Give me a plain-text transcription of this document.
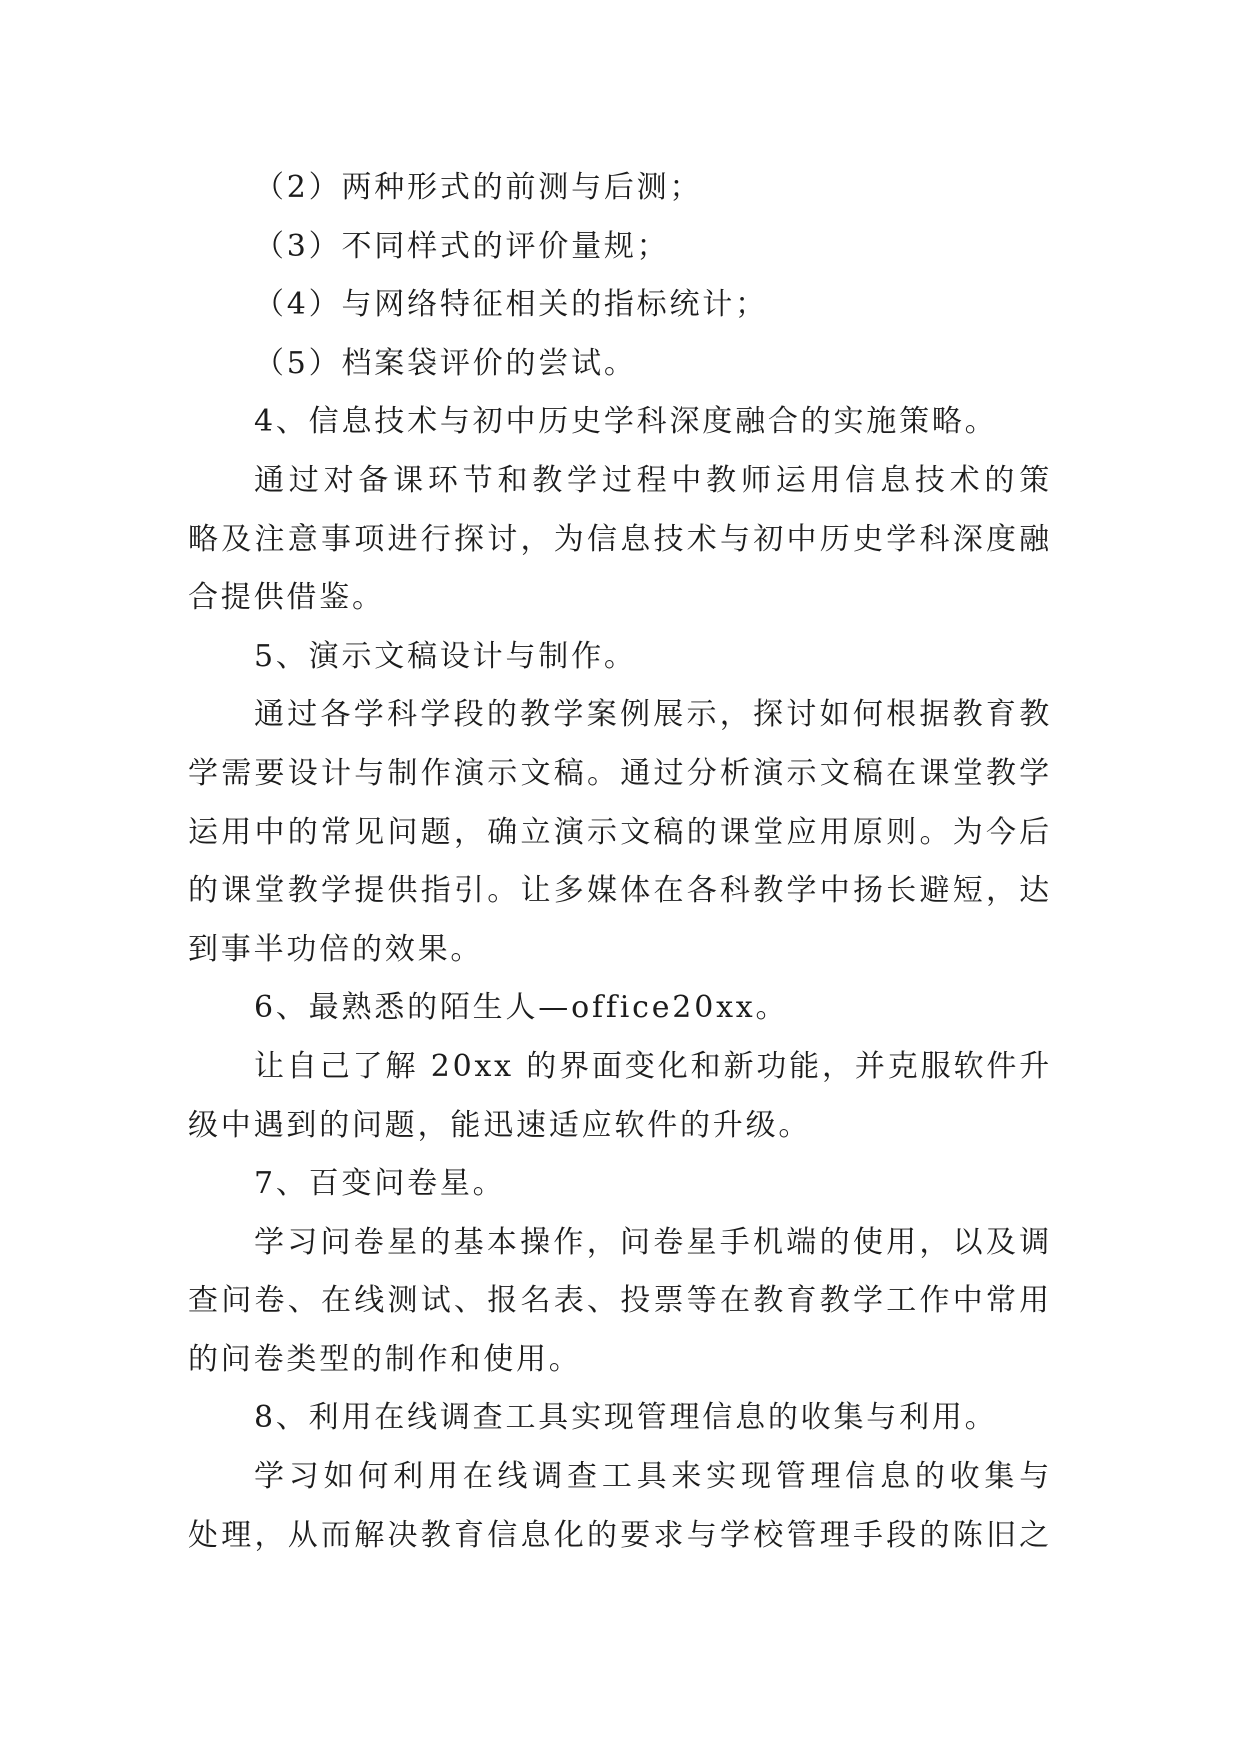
（2）两种形式的前测与后测；
（3）不同样式的评价量规；
（4）与网络特征相关的指标统计；
（5）档案袋评价的尝试。
4、信息技术与初中历史学科深度融合的实施策略。
通过对备课环节和教学过程中教师运用信息技术的策
略及注意事项进行探讨，为信息技术与初中历史学科深度融
合提供借鉴。
5、演示文稿设计与制作。
通过各学科学段的教学案例展示，探讨如何根据教育教
学需要设计与制作演示文稿。通过分析演示文稿在课堂教学
运用中的常见问题，确立演示文稿的课堂应用原则。为今后
的课堂教学提供指引。让多媒体在各科教学中扬长避短，达
到事半功倍的效果。
6、最熟悉的陌生人—office20xx。
让自己了解 20xx 的界面变化和新功能，并克服软件升
级中遇到的问题，能迅速适应软件的升级。
7、百变问卷星。
学习问卷星的基本操作，问卷星手机端的使用，以及调
查问卷、在线测试、报名表、投票等在教育教学工作中常用
的问卷类型的制作和使用。
8、利用在线调查工具实现管理信息的收集与利用。
学习如何利用在线调查工具来实现管理信息的收集与
处理，从而解决教育信息化的要求与学校管理手段的陈旧之
